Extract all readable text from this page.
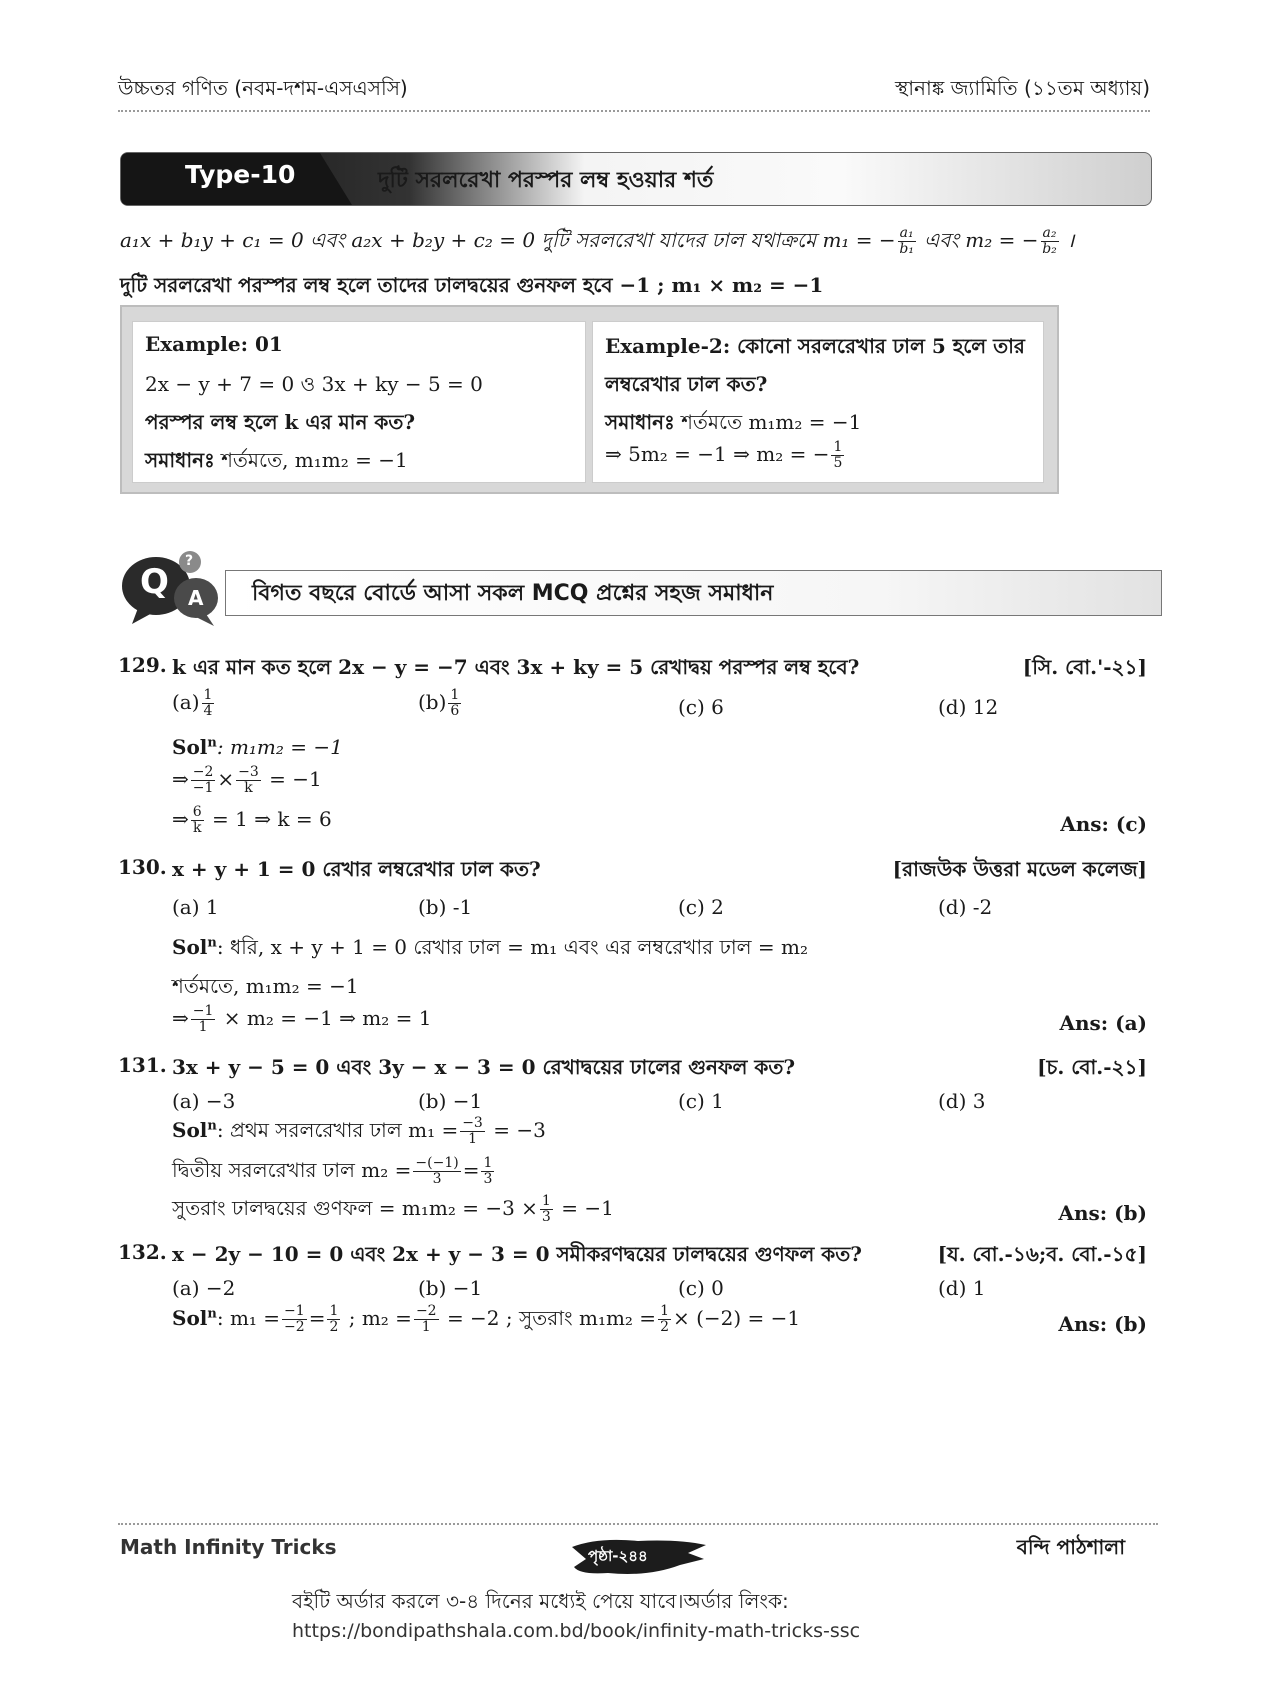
উচ্চতর গণিত (নবম-দশম-এসএসসি)	স্থানাঙ্ক জ্যামিতি (১১তম অধ্যায়)
Type-10	দুটি সরলরেখা পরস্পর লম্ব হওয়ার শর্ত
a₁x + b₁y + c₁ = 0 এবং a₂x + b₂y + c₂ = 0 দুটি সরলরেখা যাদের ঢাল যথাক্রমে m₁ = − $\frac{\text{a₁}}{\text{b₁}}$ এবং m₂ = − $\frac{\text{a₂}}{\text{b₂}}$ ।
দুটি সরলরেখা পরস্পর লম্ব হলে তাদের ঢালদ্বয়ের গুনফল হবে −1 ; m₁ × m₂ = −1
Example: 01
2x − y + 7 = 0 ও 3x + ky − 5 = 0
পরস্পর লম্ব হলে k এর মান কত?
সমাধানঃ শর্তমতে, m₁m₂ = −1
Example-2: কোনো সরলরেখার ঢাল 5 হলে তার
লম্বরেখার ঢাল কত?
সমাধানঃ শর্তমতে m₁m₂ = −1
⇒ 5m₂ = −1 ⇒ m₂ = − $\frac{1}{5}$
Q A
?
বিগত বছরে বোর্ডে আসা সকল MCQ প্রশ্নের সহজ সমাধান
129. k এর মান কত হলে 2x − y = −7 এবং 3x + ky = 5 রেখাদ্বয় পরস্পর লম্ব হবে?	[সি. বো.'-২১]
$(a) \frac{1}{4}$	$(b) \frac{1}{6}$	(c) 6	(d) 12
Sol$^n$: m₁m₂ = −1
⇒ $\frac{-2}{-1} \times \frac{-3}{k} = -1$
⇒ $\frac{6}{k} = 1$ ⇒ k = 6	Ans: (c)
130. x + y + 1 = 0 রেখার লম্বরেখার ঢাল কত?	[রাজউক উত্তরা মডেল কলেজ]
(a) 1	(b) -1	(c) 2	(d) -2
Sol$^n$: ধরি, x + y + 1 = 0 রেখার ঢাল = m₁ এবং এর লম্বরেখার ঢাল = m₂
শর্তমতে, m₁m₂ = −1
⇒ $\frac{-1}{1} \times m_2 = -1$ ⇒ m₂ = 1	Ans: (a)
131. 3x + y − 5 = 0 এবং 3y − x − 3 = 0 রেখাদ্বয়ের ঢালের গুনফল কত?	[চ. বো.-২১]
(a) −3	(b) −1	(c) 1	(d) 3
Sol$^n$: প্রথম সরলরেখার ঢাল $m_1 = \frac{-3}{1} = -3$
দ্বিতীয় সরলরেখার ঢাল $m_2 = \frac{-(-1)}{3} = \frac{1}{3}$
সুতরাং ঢালদ্বয়ের গুণফল = $m_1m_2 = -3 \times \frac{1}{3} = -1$	Ans: (b)
132. x − 2y − 10 = 0 এবং 2x + y − 3 = 0 সমীকরণদ্বয়ের ঢালদ্বয়ের গুণফল কত?	[য. বো.-১৬;ব. বো.-১৫]
(a) −2	(b) −1	(c) 0	(d) 1
Sol$^n$: $m_1 = \frac{-1}{-2} = \frac{1}{2}$ ; $m_2 = \frac{-2}{1} = -2$ ; সুতরাং $m_1m_2 = \frac{1}{2} \times (-2) = -1$	Ans: (b)
Math Infinity Tricks	পৃষ্ঠা-২৪৪	বন্দি পাঠশালা
বইটি অর্ডার করলে ৩-৪ দিনের মধ্যেই পেয়ে যাবে।অর্ডার লিংক:
https://bondipathshala.com.bd/book/infinity-math-tricks-ssc
